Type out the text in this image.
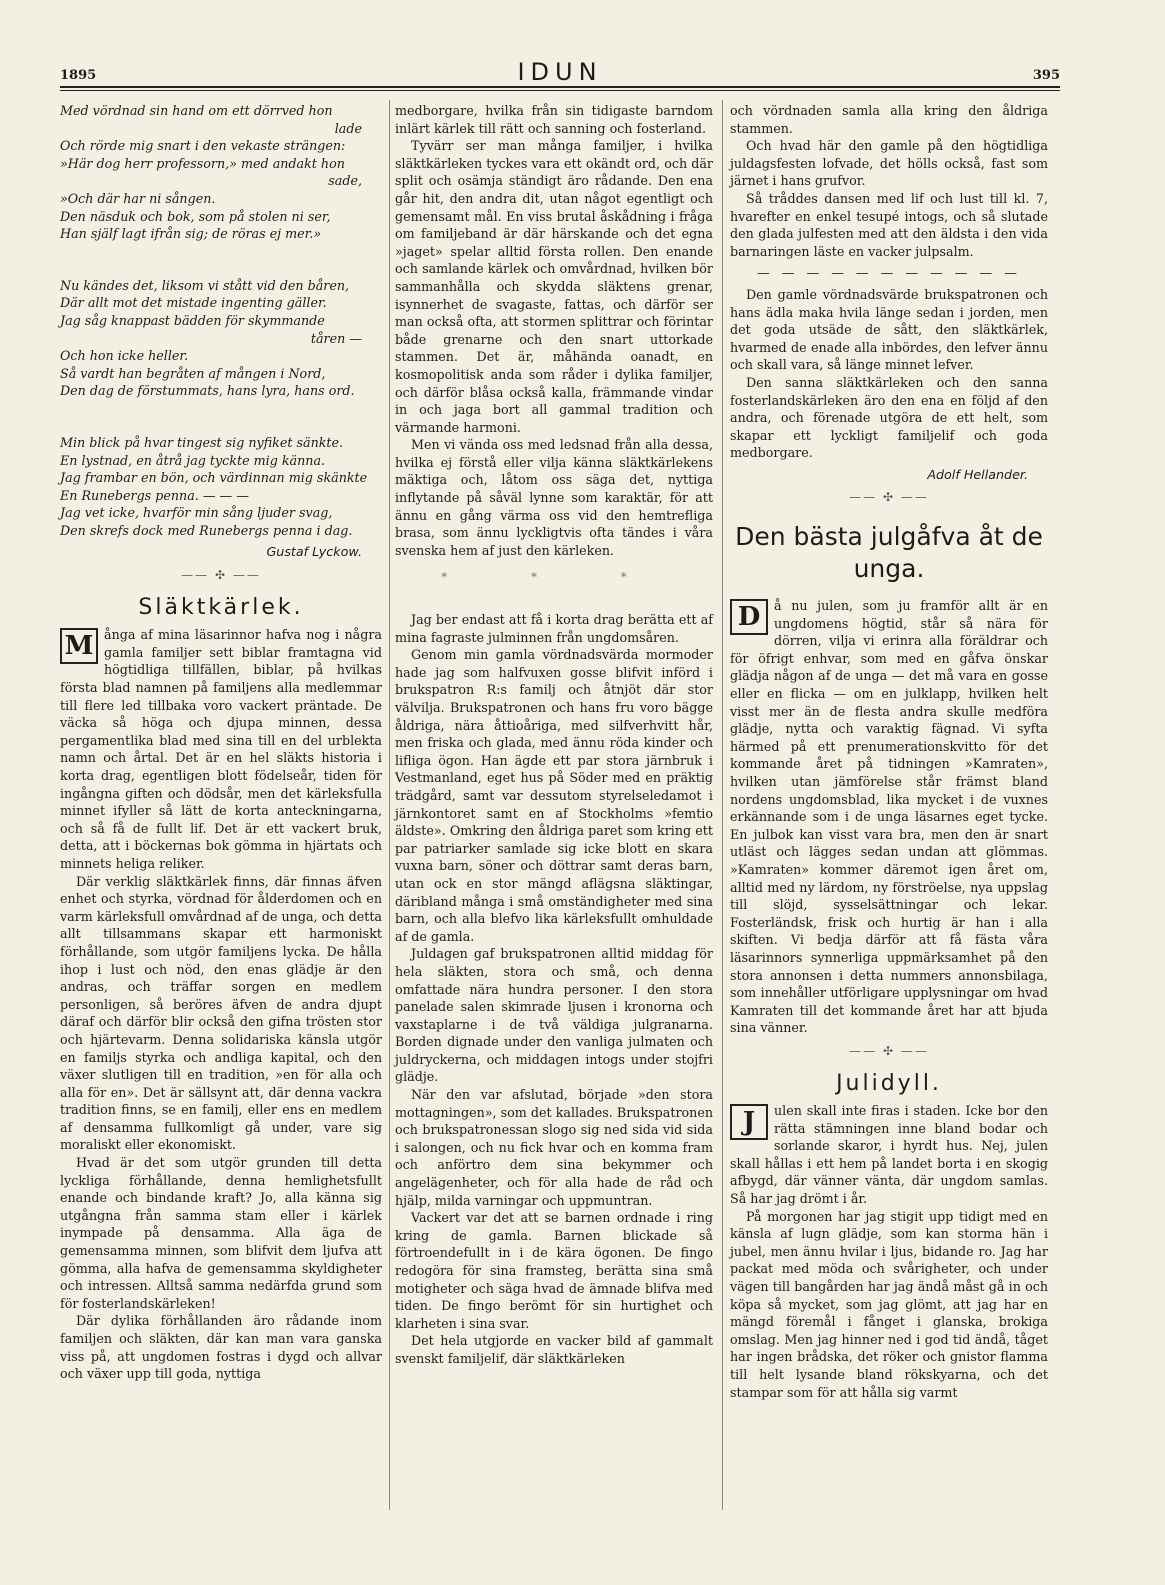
1895	IDUN	395
Med vördnad sin hand om ett dörrved hon
lade
Och rörde mig snart i den vekaste strängen:
»Här dog herr professorn,» med andakt hon
sade,
»Och där har ni sången.
Den näsduk och bok, som på stolen ni ser,
Han själf lagt ifrån sig; de röras ej mer.»
Nu kändes det, liksom vi stått vid den båren,
Där allt mot det mistade ingenting gäller.
Jag såg knappast bädden för skymmande
tåren —
Och hon icke heller.
Så vardt han begråten af mången i Nord,
Den dag de förstummats, hans lyra, hans ord.
Min blick på hvar tingest sig nyfiket sänkte.
En lystnad, en åtrå jag tyckte mig känna.
Jag frambar en bön, och värdinnan mig skänkte
En Runebergs penna. — — —
Jag vet icke, hvarför min sång ljuder svag,
Den skrefs dock med Runebergs penna i dag.
Gustaf Lyckow.
—— ✣ ——
Släktkärlek.

M ånga af mina läsarinnor hafva nog i några gamla familjer sett biblar framtagna vid högtidliga tillfällen, biblar, på hvilkas första blad namnen på familjens alla medlemmar till flere led tillbaka voro vackert präntade. De väcka så höga och djupa minnen, dessa pergamentlika blad med sina till en del urblekta namn och årtal. Det är en hel släkts historia i korta drag, egentligen blott födelseår, tiden för ingångna giften och dödsår, men det kärleksfulla minnet ifyller så lätt de korta anteckningarna, och så få de fullt lif. Det är ett vackert bruk, detta, att i böckernas bok gömma in hjärtats och minnets heliga reliker.

Där verklig släktkärlek finns, där finnas äfven enhet och styrka, vördnad för ålderdomen och en varm kärleksfull omvårdnad af de unga, och detta allt tillsammans skapar ett harmoniskt förhållande, som utgör familjens lycka. De hålla ihop i lust och nöd, den enas glädje är den andras, och träffar sorgen en medlem personligen, så beröres äfven de andra djupt däraf och därför blir också den gifna trösten stor och hjärtevarm. Denna solidariska känsla utgör en familjs styrka och andliga kapital, och den växer slutligen till en tradition, »en för alla och alla för en». Det är sällsynt att, där denna vackra tradition finns, se en familj, eller ens en medlem af densamma fullkomligt gå under, vare sig moraliskt eller ekonomiskt.

Hvad är det som utgör grunden till detta lyckliga förhållande, denna hemlighetsfullt enande och bindande kraft? Jo, alla känna sig utgångna från samma stam eller i kärlek inympade på densamma. Alla äga de gemensamma minnen, som blifvit dem ljufva att gömma, alla hafva de gemensamma skyldigheter och intressen. Alltså samma nedärfda grund som för fosterlandskärleken!

Där dylika förhållanden äro rådande inom familjen och släkten, där kan man vara ganska viss på, att ungdomen fostras i dygd och allvar och växer upp till goda, nyttiga

medborgare, hvilka från sin tidigaste barndom inlärt kärlek till rätt och sanning och fosterland.

Tyvärr ser man många familjer, i hvilka släktkärleken tyckes vara ett okändt ord, och där split och osämja ständigt äro rådande. Den ena går hit, den andra dit, utan något egentligt och gemensamt mål. En viss brutal åskådning i fråga om familjeband är där härskande och det egna »jaget» spelar alltid första rollen. Den enande och samlande kärlek och omvårdnad, hvilken bör sammanhålla och skydda släktens grenar, isynnerhet de svagaste, fattas, och därför ser man också ofta, att stormen splittrar och förintar både grenarne och den snart uttorkade stammen. Det är, måhända oanadt, en kosmopolitisk anda som råder i dylika familjer, och därför blåsa också kalla, främmande vindar in och jaga bort all gammal tradition och värmande harmoni.

Men vi vända oss med ledsnad från alla dessa, hvilka ej förstå eller vilja känna släktkärlekens mäktiga och, låtom oss säga det, nyttiga inflytande på såväl lynne som karaktär, för att ännu en gång värma oss vid den hemtrefliga brasa, som ännu lyckligtvis ofta tändes i våra svenska hem af just den kärleken.

* * *

Jag ber endast att få i korta drag berätta ett af mina fagraste julminnen från ungdomsåren.

Genom min gamla vördnadsvärda mormoder hade jag som halfvuxen gosse blifvit införd i brukspatron R:s familj och åtnjöt där stor välvilja. Brukspatronen och hans fru voro bägge åldriga, nära åttioåriga, med silfverhvitt hår, men friska och glada, med ännu röda kinder och lifliga ögon. Han ägde ett par stora järnbruk i Vestmanland, eget hus på Söder med en präktig trädgård, samt var dessutom styrelseledamot i järnkontoret samt en af Stockholms »femtio äldste». Omkring den åldriga paret som kring ett par patriarker samlade sig icke blott en skara vuxna barn, söner och döttrar samt deras barn, utan ock en stor mängd aflägsna släktingar, däribland många i små omständigheter med sina barn, och alla blefvo lika kärleksfullt omhuldade af de gamla.

Juldagen gaf brukspatronen alltid middag för hela släkten, stora och små, och denna omfattade nära hundra personer. I den stora panelade salen skimrade ljusen i kronorna och vaxstaplarne i de två väldiga julgranarna. Borden dignade under den vanliga julmaten och juldryckerna, och middagen intogs under stojfri glädje.

När den var afslutad, började »den stora mottagningen», som det kallades. Brukspatronen och brukspatronessan slogo sig ned sida vid sida i salongen, och nu fick hvar och en komma fram och anförtro dem sina bekymmer och angelägenheter, och för alla hade de råd och hjälp, milda varningar och uppmuntran.

Vackert var det att se barnen ordnade i ring kring de gamla. Barnen blickade så förtroendefullt in i de kära ögonen. De fingo redogöra för sina framsteg, berätta sina små motigheter och säga hvad de ämnade blifva med tiden. De fingo berömt för sin hurtighet och klarheten i sina svar.

Det hela utgjorde en vacker bild af gammalt svenskt familjelif, där släktkärleken

och vördnaden samla alla kring den åldriga stammen.

Och hvad här den gamle på den högtidliga juldagsfesten lofvade, det hölls också, fast som järnet i hans grufvor.

Så tråddes dansen med lif och lust till kl. 7, hvarefter en enkel tesupé intogs, och så slutade den glada julfesten med att den äldsta i den vida barnaringen läste en vacker julpsalm.

— — — — — — — — — — —

Den gamle vördnadsvärde brukspatronen och hans ädla maka hvila länge sedan i jorden, men det goda utsäde de sått, den släktkärlek, hvarmed de enade alla inbördes, den lefver ännu och skall vara, så länge minnet lefver.

Den sanna släktkärleken och den sanna fosterlandskärleken äro den ena en följd af den andra, och förenade utgöra de ett helt, som skapar ett lyckligt familjelif och goda medborgare.

Adolf Hellander.
—— ✣ ——
Den bästa julgåfva åt de unga.

D	å nu julen, som ju framför allt är en ungdomens högtid, står så nära för dörren, vilja vi erinra alla föräldrar och för öfrigt enhvar, som med en gåfva önskar glädja någon af de unga — det må vara en gosse eller en flicka — om en julklapp, hvilken helt visst mer än de flesta andra skulle medföra glädje, nytta och varaktig fägnad. Vi syfta härmed på ett prenumerationskvitto för det kommande året på tidningen »Kamraten», hvilken utan jämförelse står främst bland nordens ungdomsblad, lika mycket i de vuxnes erkännande som i de unga läsarnes eget tycke. En julbok kan visst vara bra, men den är snart utläst och lägges sedan undan att glömmas. »Kamraten» kommer däremot igen året om, alltid med ny lärdom, ny förströelse, nya uppslag till slöjd, sysselsättningar och lekar. Fosterländsk, frisk och hurtig är han i alla skiften. Vi bedja därför att få fästa våra läsarinnors synnerliga uppmärksamhet på den stora annonsen i detta nummers annonsbilaga, som innehåller utförligare upplysningar om hvad Kamraten till det kommande året har att bjuda sina vänner.

—— ✣ ——
Julidyll.

J	ulen skall inte firas i staden. Icke bor den rätta stämningen inne bland bodar och sorlande skaror, i hyrdt hus. Nej, julen skall hållas i ett hem på landet borta i en skogig afbygd, där vänner vänta, där ungdom samlas. Så har jag drömt i år.

På morgonen har jag stigit upp tidigt med en känsla af lugn glädje, som kan storma hän i jubel, men ännu hvilar i ljus, bidande ro. Jag har packat med möda och svårigheter, och under vägen till bangården har jag ändå måst gå in och köpa så mycket, som jag glömt, att jag har en mängd föremål i fånget i glanska, brokiga omslag. Men jag hinner ned i god tid ändå, tåget har ingen brådska, det röker och gnistor flamma till helt lysande bland rökskyarna, och det stampar som för att hålla sig varmt
